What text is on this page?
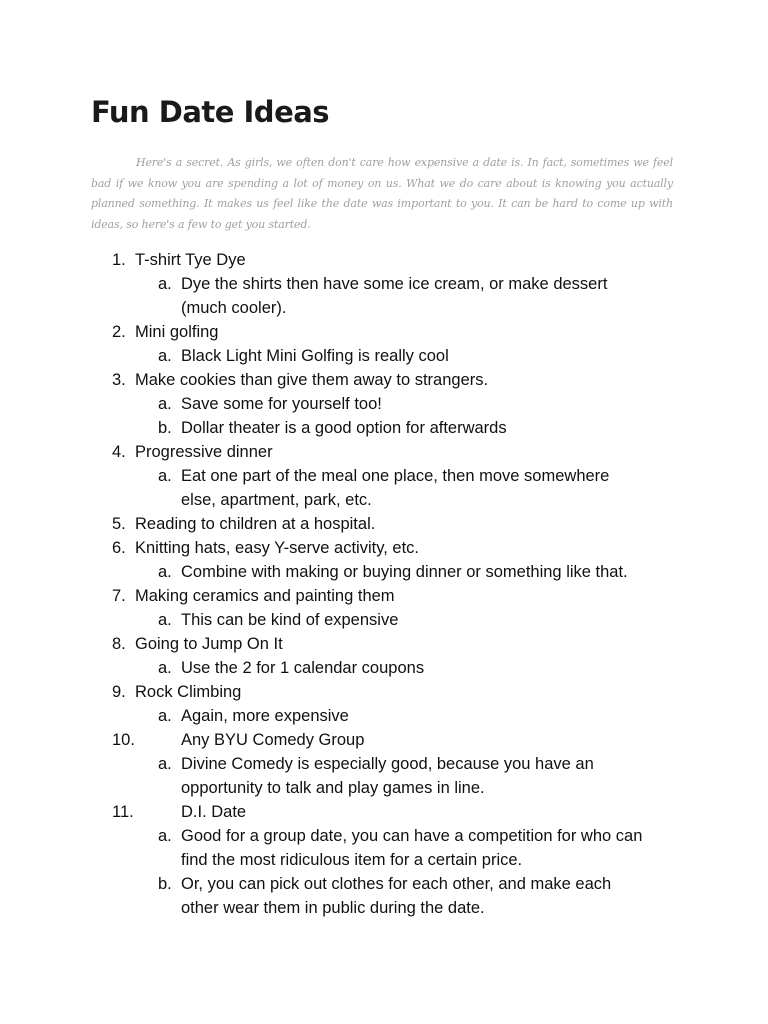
Fun Date Ideas

Here's a secret. As girls, we often don't care how expensive a date is. In fact, sometimes we feel bad if we know you are spending a lot of money on us. What we do care about is knowing you actually planned something. It makes us feel like the date was important to you. It can be hard to come up with ideas, so here's a few to get you started.

1. T-shirt Tye Dye
a. Dye the shirts then have some ice cream, or make dessert
(much cooler).
2. Mini golfing
a. Black Light Mini Golfing is really cool
3. Make cookies than give them away to strangers.
a. Save some for yourself too!
b. Dollar theater is a good option for afterwards
4. Progressive dinner
a. Eat one part of the meal one place, then move somewhere
else, apartment, park, etc.
5. Reading to children at a hospital.
6. Knitting hats, easy Y-serve activity, etc.
a. Combine with making or buying dinner or something like that.
7. Making ceramics and painting them
a. This can be kind of expensive
8. Going to Jump On It
a. Use the 2 for 1 calendar coupons
9. Rock Climbing
a. Again, more expensive
10.	Any BYU Comedy Group
a. Divine Comedy is especially good, because you have an
opportunity to talk and play games in line.
11.	D.I. Date
a. Good for a group date, you can have a competition for who can
find the most ridiculous item for a certain price.
b. Or, you can pick out clothes for each other, and make each
other wear them in public during the date.
